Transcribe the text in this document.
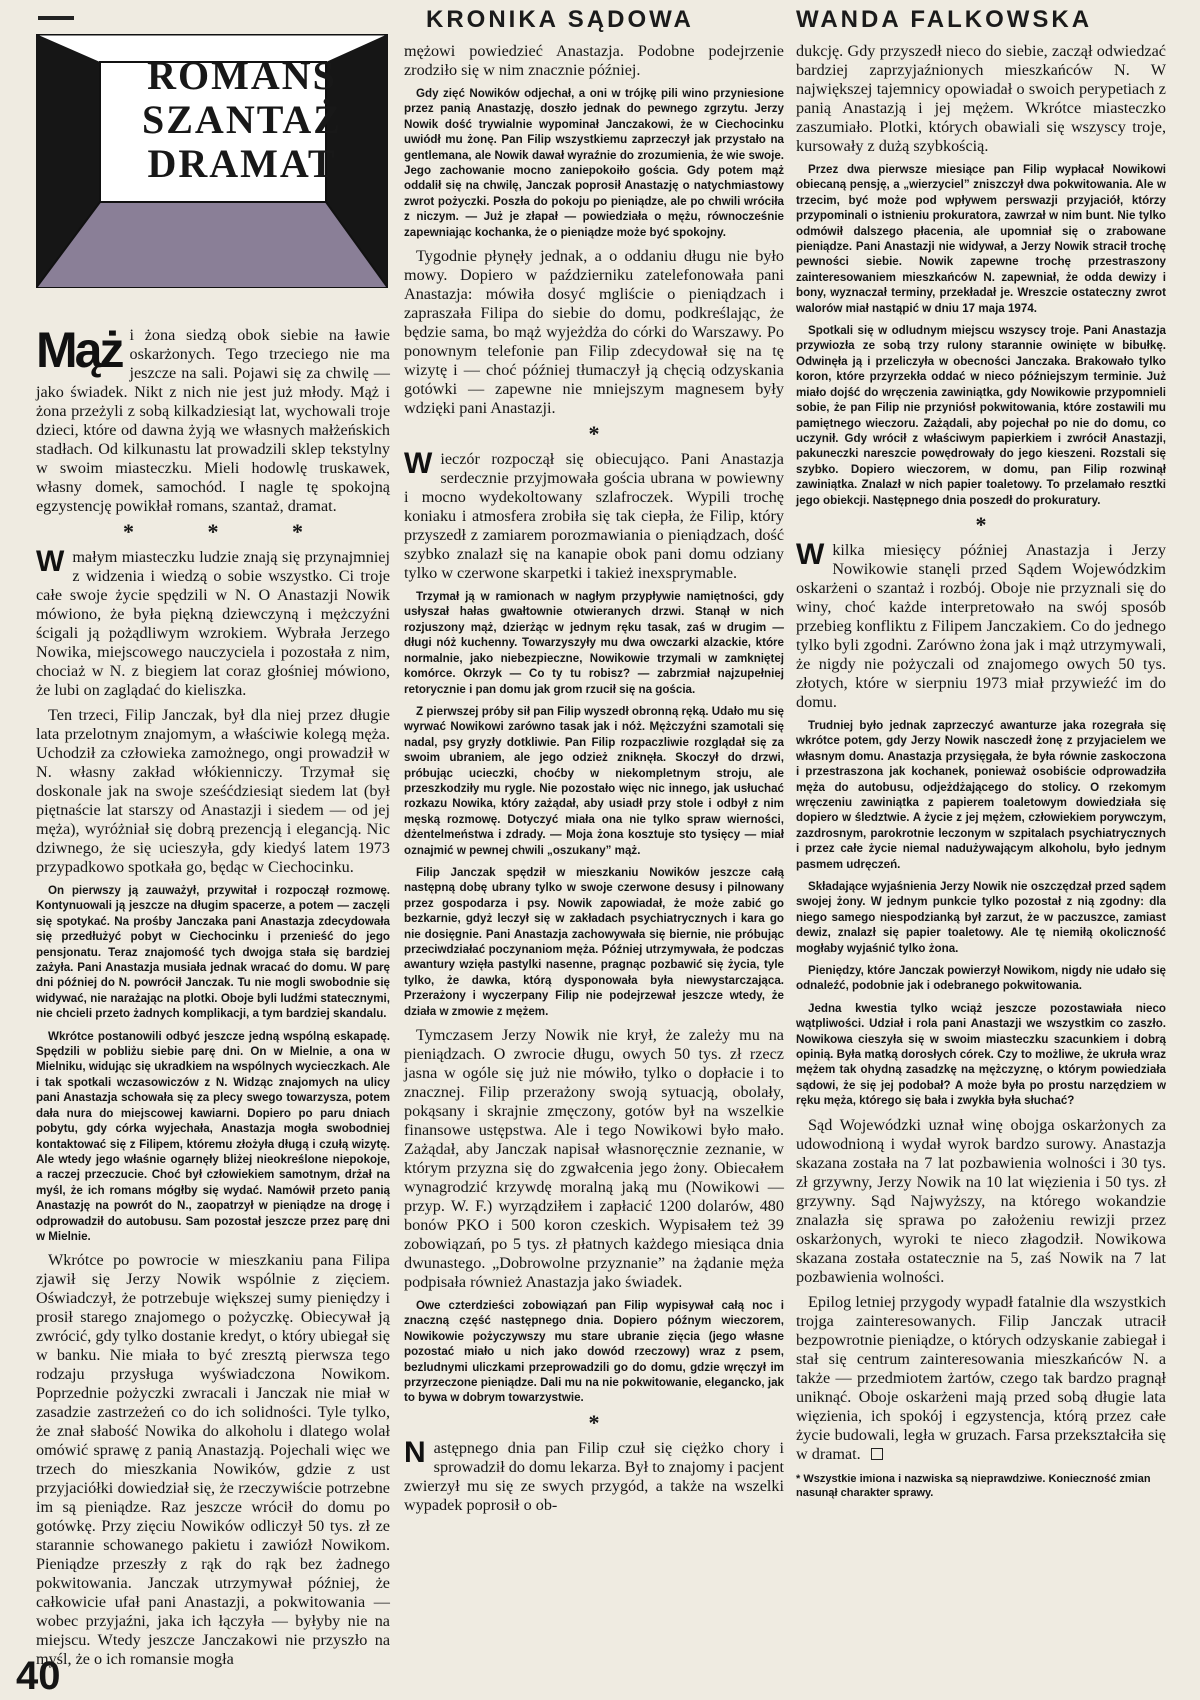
KRONIKA SĄDOWA	WANDA FALKOWSKA
ROMANS
SZANTAŻ
DRAMAT

Mąż i żona siedzą obok siebie na ławie oskarżonych. Tego trzeciego nie ma jeszcze na sali. Pojawi się za chwilę — jako świadek. Nikt z nich nie jest już młody. Mąż i żona przeżyli z sobą kilkadziesiąt lat, wychowali troje dzieci, które od dawna żyją we własnych małżeńskich stadłach. Od kilkunastu lat prowadzili sklep tekstylny w swoim miasteczku. Mieli hodowlę truskawek, własny domek, samochód. I nagle tę spokojną egzystencję powikłał romans, szantaż, dramat.

* * *

W małym miasteczku ludzie znają się przynajmniej z widzenia i wiedzą o sobie wszystko. Ci troje całe swoje życie spędzili w N. O Anastazji Nowik mówiono, że była piękną dziewczyną i mężczyźni ścigali ją pożądliwym wzrokiem. Wybrała Jerzego Nowika, miejscowego nauczyciela i pozostała z nim, chociaż w N. z biegiem lat coraz głośniej mówiono, że lubi on zaglądać do kieliszka.

Ten trzeci, Filip Janczak, był dla niej przez długie lata przelotnym znajomym, a właściwie kolegą męża. Uchodził za człowieka zamożnego, ongi prowadził w N. własny zakład włókienniczy. Trzymał się doskonale jak na swoje sześćdziesiąt siedem lat (był piętnaście lat starszy od Anastazji i siedem — od jej męża), wyróżniał się dobrą prezencją i elegancją. Nic dziwnego, że się ucieszyła, gdy kiedyś latem 1973 przypadkowo spotkała go, będąc w Ciechocinku.

On pierwszy ją zauważył, przywitał i rozpoczął rozmowę. Kontynuowali ją jeszcze na długim spacerze, a potem — zaczęli się spotykać. Na prośby Janczaka pani Anastazja zdecydowała się przedłużyć pobyt w Ciechocinku i przenieść do jego pensjonatu. Teraz znajomość tych dwojga stała się bardziej zażyła. Pani Anastazja musiała jednak wracać do domu. W parę dni później do N. powrócił Janczak. Tu nie mogli swobodnie się widywać, nie narażając na plotki. Oboje byli ludźmi statecznymi, nie chcieli przeto żadnych komplikacji, a tym bardziej skandalu.

Wkrótce postanowili odbyć jeszcze jedną wspólną eskapadę. Spędzili w pobliżu siebie parę dni. On w Mielnie, a ona w Mielniku, widując się ukradkiem na wspólnych wycieczkach. Ale i tak spotkali wczasowiczów z N. Widząc znajomych na ulicy pani Anastazja schowała się za plecy swego towarzysza, potem dała nura do miejscowej kawiarni. Dopiero po paru dniach pobytu, gdy córka wyjechała, Anastazja mogła swobodniej kontaktować się z Filipem, któremu złożyła długą i czułą wizytę. Ale wtedy jego właśnie ogarnęły bliżej nieokreślone niepokoje, a raczej przeczucie. Choć był człowiekiem samotnym, drżał na myśl, że ich romans mógłby się wydać. Namówił przeto panią Anastazję na powrót do N., zaopatrzył w pieniądze na drogę i odprowadził do autobusu. Sam pozostał jeszcze przez parę dni w Mielnie.

Wkrótce po powrocie w mieszkaniu pana Filipa zjawił się Jerzy Nowik wspólnie z zięciem. Oświadczył, że potrzebuje większej sumy pieniędzy i prosił starego znajomego o pożyczkę. Obiecywał ją zwrócić, gdy tylko dostanie kredyt, o który ubiegał się w banku. Nie miała to być zresztą pierwsza tego rodzaju przysługa wyświadczona Nowikom. Poprzednie pożyczki zwracali i Janczak nie miał w zasadzie zastrzeżeń co do ich solidności. Tyle tylko, że znał słabość Nowika do alkoholu i dlatego wolał omówić sprawę z panią Anastazją. Pojechali więc we trzech do mieszkania Nowików, gdzie z ust przyjaciółki dowiedział się, że rzeczywiście potrzebne im są pieniądze. Raz jeszcze wrócił do domu po gotówkę. Przy zięciu Nowików odliczył 50 tys. zł ze starannie schowanego pakietu i zawiózł Nowikom. Pieniądze przeszły z rąk do rąk bez żadnego pokwitowania. Janczak utrzymywał później, że całkowicie ufał pani Anastazji, a pokwitowania — wobec przyjaźni, jaka ich łączyła — byłyby nie na miejscu. Wtedy jeszcze Janczakowi nie przyszło na myśl, że o ich romansie mogła

mężowi powiedzieć Anastazja. Podobne podejrzenie zrodziło się w nim znacznie później.

Gdy zięć Nowików odjechał, a oni w trójkę pili wino przyniesione przez panią Anastazję, doszło jednak do pewnego zgrzytu. Jerzy Nowik dość trywialnie wypominał Janczakowi, że w Ciechocinku uwiódł mu żonę. Pan Filip wszystkiemu zaprzeczył jak przystało na gentlemana, ale Nowik dawał wyraźnie do zrozumienia, że wie swoje. Jego zachowanie mocno zaniepokoiło gościa. Gdy potem mąż oddalił się na chwilę, Janczak poprosił Anastazję o natychmiastowy zwrot pożyczki. Poszła do pokoju po pieniądze, ale po chwili wróciła z niczym. — Już je złapał — powiedziała o mężu, równocześnie zapewniając kochanka, że o pieniądze może być spokojny.

Tygodnie płynęły jednak, a o oddaniu długu nie było mowy. Dopiero w październiku zatelefonowała pani Anastazja: mówiła dosyć mgliście o pieniądzach i zapraszała Filipa do siebie do domu, podkreślając, że będzie sama, bo mąż wyjeżdża do córki do Warszawy. Po ponownym telefonie pan Filip zdecydował się na tę wizytę i — choć później tłumaczył ją chęcią odzyskania gotówki — zapewne nie mniejszym magnesem były wdzięki pani Anastazji.

*

W ieczór rozpoczął się obiecująco. Pani Anastazja serdecznie przyjmowała gościa ubrana w powiewny i mocno wydekoltowany szlafroczek. Wypili trochę koniaku i atmosfera zrobiła się tak ciepła, że Filip, który przyszedł z zamiarem porozmawiania o pieniądzach, dość szybko znalazł się na kanapie obok pani domu odziany tylko w czerwone skarpetki i takież inexsprymable.

Trzymał ją w ramionach w nagłym przypływie namiętności, gdy usłyszał hałas gwałtownie otwieranych drzwi. Stanął w nich rozjuszony mąż, dzierżąc w jednym ręku tasak, zaś w drugim — długi nóż kuchenny. Towarzyszyły mu dwa owczarki alzackie, które normalnie, jako niebezpieczne, Nowikowie trzymali w zamkniętej komórce. Okrzyk — Co ty tu robisz? — zabrzmiał najzupełniej retorycznie i pan domu jak grom rzucił się na gościa.

Z pierwszej próby sił pan Filip wyszedł obronną ręką. Udało mu się wyrwać Nowikowi zarówno tasak jak i nóż. Mężczyźni szamotali się nadal, psy gryzły dotkliwie. Pan Filip rozpaczliwie rozglądał się za swoim ubraniem, ale jego odzież zniknęła. Skoczył do drzwi, próbując ucieczki, choćby w niekompletnym stroju, ale przeszkodziły mu rygle. Nie pozostało więc nic innego, jak usłuchać rozkazu Nowika, który zażądał, aby usiadł przy stole i odbył z nim męską rozmowę. Dotyczyć miała ona nie tylko spraw wierności, dżentelmeństwa i zdrady. — Moja żona kosztuje sto tysięcy — miał oznajmić w pewnej chwili „oszukany” mąż.

Filip Janczak spędził w mieszkaniu Nowików jeszcze całą następną dobę ubrany tylko w swoje czerwone desusy i pilnowany przez gospodarza i psy. Nowik zapowiadał, że może zabić go bezkarnie, gdyż leczył się w zakładach psychiatrycznych i kara go nie dosięgnie. Pani Anastazja zachowywała się biernie, nie próbując przeciwdziałać poczynaniom męża. Później utrzymywała, że podczas awantury wzięła pastylki nasenne, pragnąc pozbawić się życia, tyle tylko, że dawka, którą dysponowała była niewystarczająca. Przerażony i wyczerpany Filip nie podejrzewał jeszcze wtedy, że działa w zmowie z mężem.

Tymczasem Jerzy Nowik nie krył, że zależy mu na pieniądzach. O zwrocie długu, owych 50 tys. zł rzecz jasna w ogóle się już nie mówiło, tylko o dopłacie i to znacznej. Filip przerażony swoją sytuacją, obolały, pokąsany i skrajnie zmęczony, gotów był na wszelkie finansowe ustępstwa. Ale i tego Nowikowi było mało. Zażądał, aby Janczak napisał własnoręcznie zeznanie, w którym przyzna się do zgwałcenia jego żony. Obiecałem wynagrodzić krzywdę moralną jaką mu (Nowikowi — przyp. W. F.) wyrządziłem i zapłacić 1200 dolarów, 480 bonów PKO i 500 koron czeskich. Wypisałem też 39 zobowiązań, po 5 tys. zł płatnych każdego miesiąca dnia dwunastego. „Dobrowolne przyznanie” na żądanie męża podpisała również Anastazja jako świadek.

Owe czterdzieści zobowiązań pan Filip wypisywał całą noc i znaczną część następnego dnia. Dopiero późnym wieczorem, Nowikowie pożyczywszy mu stare ubranie zięcia (jego własne pozostać miało u nich jako dowód rzeczowy) wraz z psem, bezludnymi uliczkami przeprowadzili go do domu, gdzie wręczył im przyrzeczone pieniądze. Dali mu na nie pokwitowanie, elegancko, jak to bywa w dobrym towarzystwie.

*

N astępnego dnia pan Filip czuł się ciężko chory i sprowadził do domu lekarza. Był to znajomy i pacjent zwierzył mu się ze swych przygód, a także na wszelki wypadek poprosił o ob-

dukcję. Gdy przyszedł nieco do siebie, zaczął odwiedzać bardziej zaprzyjaźnionych mieszkańców N. W największej tajemnicy opowiadał o swoich perypetiach z panią Anastazją i jej mężem. Wkrótce miasteczko zaszumiało. Plotki, których obawiali się wszyscy troje, kursowały z dużą szybkością.

Przez dwa pierwsze miesiące pan Filip wypłacał Nowikowi obiecaną pensję, a „wierzyciel” zniszczył dwa pokwitowania. Ale w trzecim, być może pod wpływem perswazji przyjaciół, którzy przypominali o istnieniu prokuratora, zawrzał w nim bunt. Nie tylko odmówił dalszego płacenia, ale upomniał się o zrabowane pieniądze. Pani Anastazji nie widywał, a Jerzy Nowik stracił trochę pewności siebie. Nowik zapewne trochę przestraszony zainteresowaniem mieszkańców N. zapewniał, że odda dewizy i bony, wyznaczał terminy, przekładał je. Wreszcie ostateczny zwrot walorów miał nastąpić w dniu 17 maja 1974.

Spotkali się w odludnym miejscu wszyscy troje. Pani Anastazja przywiozła ze sobą trzy rulony starannie owinięte w bibułkę. Odwinęła ją i przeliczyła w obecności Janczaka. Brakowało tylko koron, które przyrzekła oddać w nieco późniejszym terminie. Już miało dojść do wręczenia zawiniątka, gdy Nowikowie przypomnieli sobie, że pan Filip nie przyniósł pokwitowania, które zostawili mu pamiętnego wieczoru. Zażądali, aby pojechał po nie do domu, co uczynił. Gdy wrócił z właściwym papierkiem i zwrócił Anastazji, pakuneczki nareszcie powędrowały do jego kieszeni. Rozstali się szybko. Dopiero wieczorem, w domu, pan Filip rozwinął zawiniątka. Znalazł w nich papier toaletowy. To przelamało resztki jego obiekcji. Następnego dnia poszedł do prokuratury.

*

W kilka miesięcy później Anastazja i Jerzy Nowikowie stanęli przed Sądem Wojewódzkim oskarżeni o szantaż i rozbój. Oboje nie przyznali się do winy, choć każde interpretowało na swój sposób przebieg konfliktu z Filipem Janczakiem. Co do jednego tylko byli zgodni. Zarówno żona jak i mąż utrzymywali, że nigdy nie pożyczali od znajomego owych 50 tys. złotych, które w sierpniu 1973 miał przywieźć im do domu.

Trudniej było jednak zaprzeczyć awanturze jaka rozegrała się wkrótce potem, gdy Jerzy Nowik nasczedł żonę z przyjacielem we własnym domu. Anastazja przysięgała, że była równie zaskoczona i przestraszona jak kochanek, ponieważ osobiście odprowadziła męża do autobusu, odjeżdżającego do stolicy. O rzekomym wręczeniu zawiniątka z papierem toaletowym dowiedziała się dopiero w śledztwie. A życie z jej mężem, człowiekiem porywczym, zazdrosnym, parokrotnie leczonym w szpitalach psychiatrycznych i przez całe życie niemal nadużywającym alkoholu, było jednym pasmem udręczeń.

Składające wyjaśnienia Jerzy Nowik nie oszczędzał przed sądem swojej żony. W jednym punkcie tylko pozostał z nią zgodny: dla niego samego niespodzianką był zarzut, że w paczuszce, zamiast dewiz, znalazł się papier toaletowy. Ale tę niemiłą okoliczność mogłaby wyjaśnić tylko żona.

Pieniędzy, które Janczak powierzył Nowikom, nigdy nie udało się odnaleźć, podobnie jak i odebranego pokwitowania.

Jedna kwestia tylko wciąż jeszcze pozostawiała nieco wątpliwości. Udział i rola pani Anastazji we wszystkim co zaszło. Nowikowa cieszyła się w swoim miasteczku szacunkiem i dobrą opinią. Była matką dorosłych córek. Czy to możliwe, że ukruła wraz mężem tak ohydną zasadzkę na mężczyznę, o którym powiedziała sądowi, że się jej podobał? A może była po prostu narzędziem w ręku męża, którego się bała i zwykła była słuchać?

Sąd Wojewódzki uznał winę obojga oskarżonych za udowodnioną i wydał wyrok bardzo surowy. Anastazja skazana została na 7 lat pozbawienia wolności i 30 tys. zł grzywny, Jerzy Nowik na 10 lat więzienia i 50 tys. zł grzywny. Sąd Najwyższy, na którego wokandzie znalazła się sprawa po założeniu rewizji przez oskarżonych, wyroki te nieco złagodził. Nowikowa skazana została ostatecznie na 5, zaś Nowik na 7 lat pozbawienia wolności.

Epilog letniej przygody wypadł fatalnie dla wszystkich trojga zainteresowanych. Filip Janczak utracił bezpowrotnie pieniądze, o których odzyskanie zabiegał i stał się centrum zainteresowania mieszkańców N. a także — przedmiotem żartów, czego tak bardzo pragnął uniknąć. Oboje oskarżeni mają przed sobą długie lata więzienia, ich spokój i egzystencja, którą przez całe życie budowali, legła w gruzach. Farsa przekształciła się w dramat.

* Wszystkie imiona i nazwiska są nieprawdziwe. Konieczność zmian nasunął charakter sprawy.

40
